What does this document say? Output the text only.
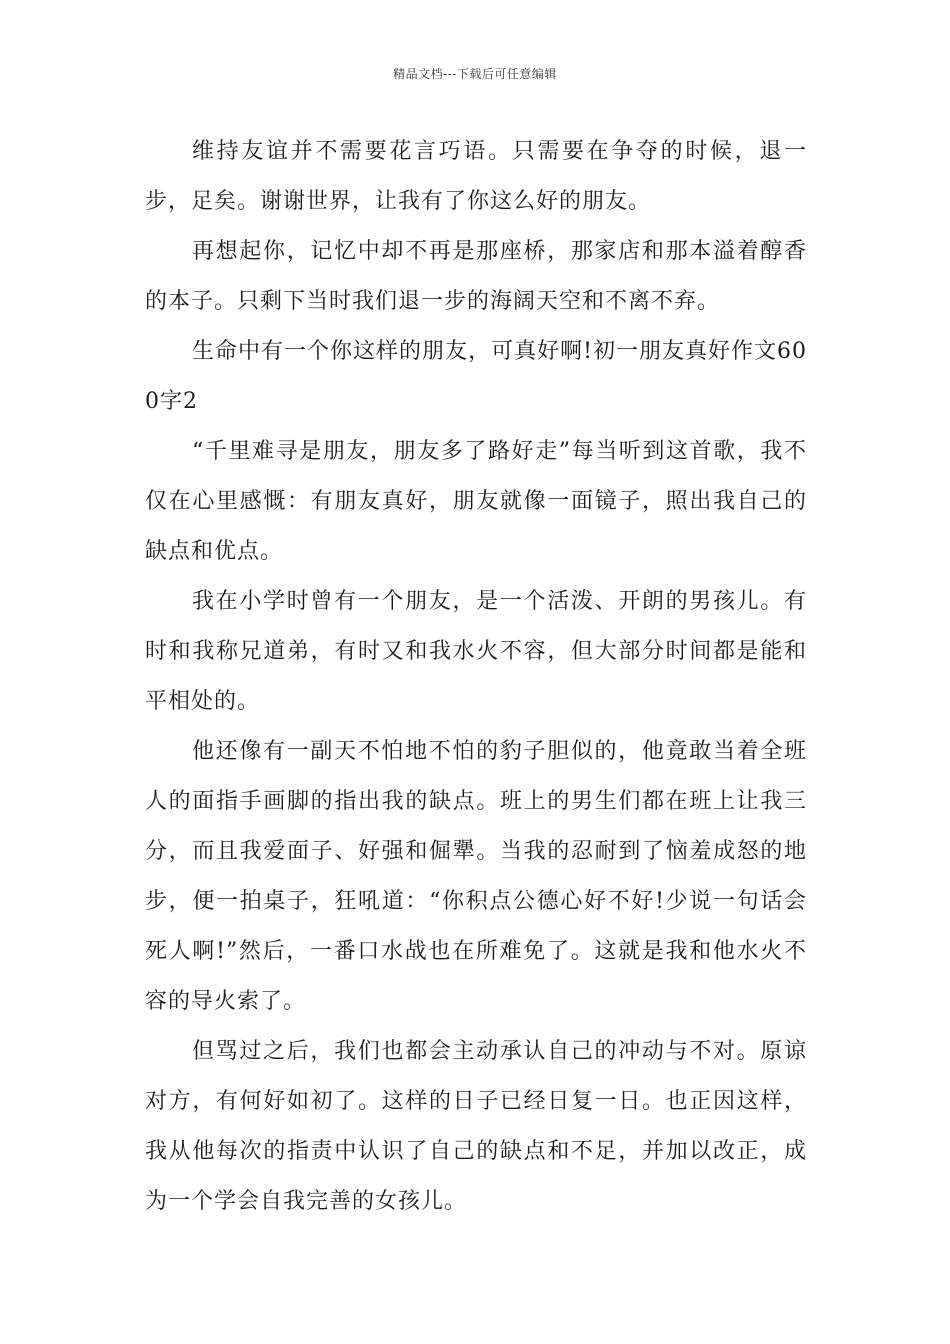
精品文档---下载后可任意编辑

维持友谊并不需要花言巧语。只需要在争夺的时候，退一步，足矣。谢谢世界，让我有了你这么好的朋友。

再想起你，记忆中却不再是那座桥，那家店和那本溢着醇香的本子。只剩下当时我们退一步的海阔天空和不离不弃。

生命中有一个你这样的朋友，可真好啊!初一朋友真好作文600字2

“千里难寻是朋友，朋友多了路好走”每当听到这首歌，我不仅在心里感慨：有朋友真好，朋友就像一面镜子，照出我自己的缺点和优点。

我在小学时曾有一个朋友，是一个活泼、开朗的男孩儿。有时和我称兄道弟，有时又和我水火不容，但大部分时间都是能和平相处的。

他还像有一副天不怕地不怕的豹子胆似的，他竟敢当着全班人的面指手画脚的指出我的缺点。班上的男生们都在班上让我三分，而且我爱面子、好强和倔犟。当我的忍耐到了恼羞成怒的地步，便一拍桌子，狂吼道：“你积点公德心好不好!少说一句话会死人啊!”然后，一番口水战也在所难免了。这就是我和他水火不容的导火索了。

但骂过之后，我们也都会主动承认自己的冲动与不对。原谅对方，有何好如初了。这样的日子已经日复一日。也正因这样，我从他每次的指责中认识了自己的缺点和不足，并加以改正，成为一个学会自我完善的女孩儿。
